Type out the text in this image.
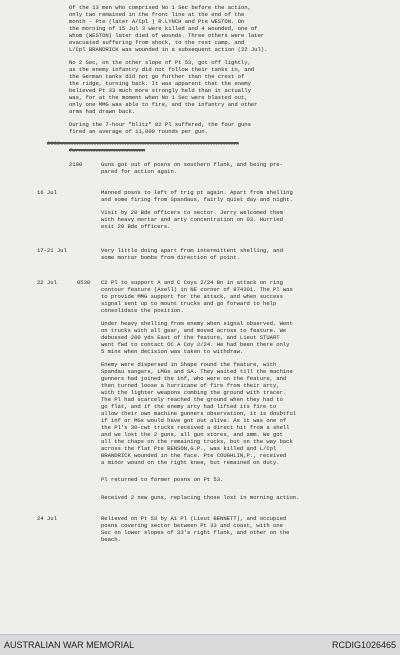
Of the 13 men who comprised No 1 Sec before the action,
only two remained in the front line at the end of the
month - Pte (later A/Cpl ) R.LYNCH and Pte WESTON. On
the morning of 15 Jul 3 were killed and 4 wounded, one of
whom (WESTON) later died of wounds. Three others were later
evacuated suffering from shock, to the rest camp, and
L/Cpl BRANDRICK was wounded in a subsequent action (22 Jul).
No 2 Sec, on the other slope of Pt 53, got off lightly,
as the enemy infantry did not follow their tanks in, and
the German tanks did not go further than the crest of
the ridge, turning back. It was apparent that the enemy
believed Pt 33 much more strongly held than it actually
was, for at the moment when No 1 Sec were blasted out,
only one MMG was able to fire, and the infantry and other
arms had drawn back.
During the 7-hour "blitz" 02 Pl suffered, the four guns
fired an average of 11,000 rounds per gun.
2000xxxxxxxxxxxxxxxxxxxxxxxxxxxxxxxxxxxxxxxxxxxxxxxxxxxxxx
forxxxxxxxxxxxxxxxxxxxx
2100	Guns got out of posns on southern flank, and being pre-
pared for action again.
16 Jul	Manned posns to left of trig pt again. Apart from shelling
and some firing from Spandaus, fairly quiet day and night.
Visit by 20 Bde officers to sector. Jerry welcomed them
with heavy mortar and arty concentration on 03. Hurried
exit 20 Bde officers.
17-21 Jul	Very little doing apart from intermittent shelling, and
some mortar bombs from direction of point.
22 Jul	0530 C2 Pl to support A and C Coys 2/24 Bn in attack on ring
contour feature (Axell) in NE corner of 874301. The Pl was
to provide MMG support for the attack, and when success
signal sent up to mount trucks and go forward to help
consolidate the position.
Under heavy shelling from enemy when signal observed. Went
on trucks with all gear, and moved across to feature. We
debussed 200 yds East of the feature, and Lieut STUART
went fwd to contact OC A Coy 2/24. He had been there only
5 mins when decision was taken to withdraw.
Enemy were dispersed in Shape round the feature, with
Spandau sangars, LMGs and SA. They waited till the machine
gunners had joined the inf, who were on the feature, and
then turned loose a hurricane of fire from their arty,
with the lighter weapons combing the ground with tracer.
The Pl had scarcely reached the ground when they had to
go flat, and if the enemy arty had lifted its fire to
allow their own machine gunners observation, it is doubtful
if inf or MGs would have got out alive. As it was one of
the Pl's 30-cwt trucks received a direct hit from a shell
and we lost the 2 guns, all gun stores, and amm. We got
all the chaps on the remaining trucks, but on the way back
across the flat Pte BENSON,G.P., was killed and L/Cpl
BRANDRICK wounded in the face. Pte COUGHLIN,P., received
a minor wound on the right knee, but remained on duty.
Pl returned to former posns on Pt 53.
Received 2 new guns, replacing those lost in morning action.
24 Jul	Relieved on Pt 53 by A1 Pl (Lieut BENNETT), and occupied
posns covering sector between Pt 33 and coast, with one
Sec on lower slopes of 33's right flank, and other on the
beach.
AUSTRALIAN WAR MEMORIAL	RCDIG1026465
